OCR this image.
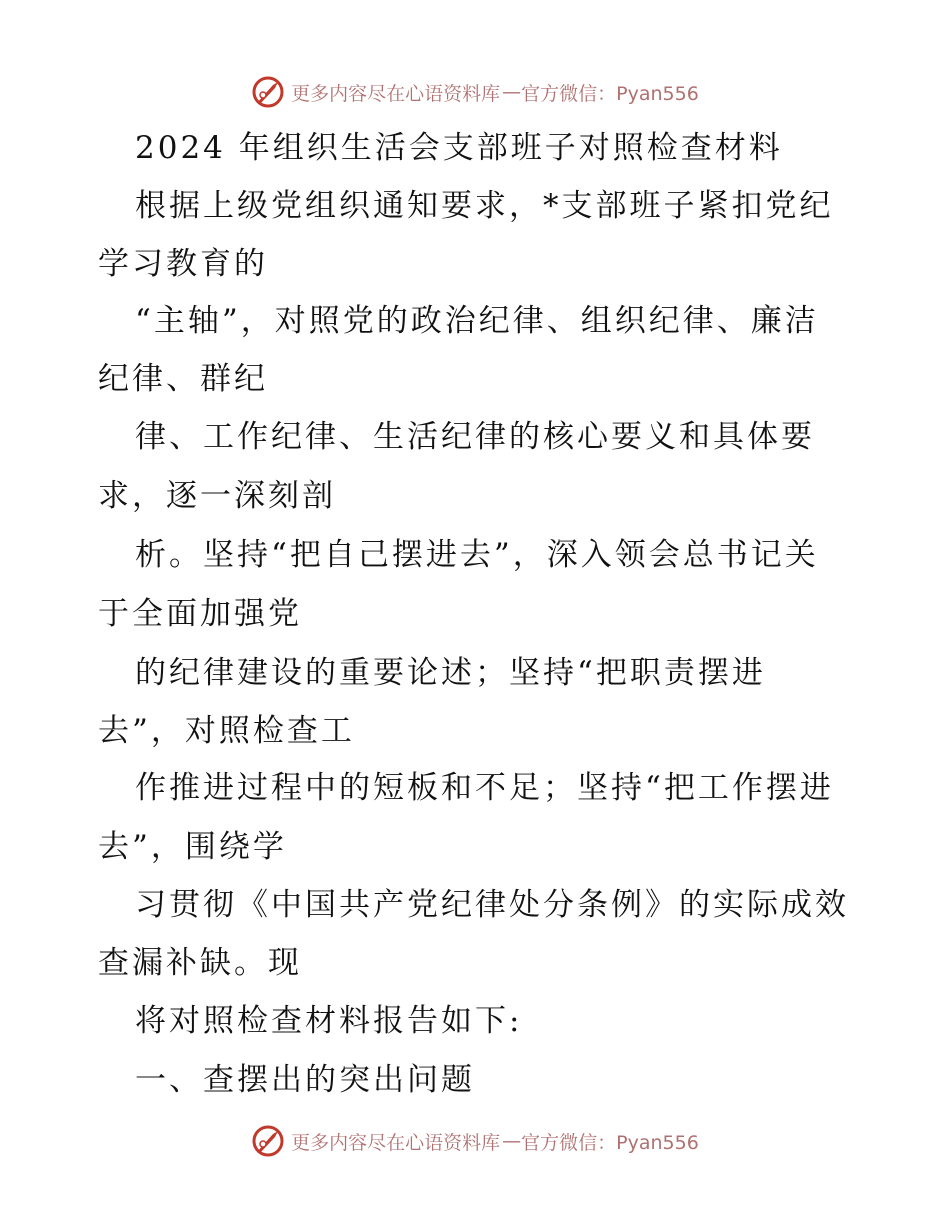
更多内容尽在心语资料库 — 官方微信：Pyan556
2024 年组织生活会支部班子对照检查材料
根据上级党组织通知要求，*支部班子紧扣党纪
学习教育的
“主轴”，对照党的政治纪律、组织纪律、廉洁
纪律、群纪
律、工作纪律、生活纪律的核心要义和具体要
求，逐一深刻剖
析。坚持“把自己摆进去”，深入领会总书记关
于全面加强党
的纪律建设的重要论述；坚持“把职责摆进
去”，对照检查工
作推进过程中的短板和不足；坚持“把工作摆进
去”，围绕学
习贯彻《中国共产党纪律处分条例》的实际成效
查漏补缺。现
将对照检查材料报告如下:
一、查摆出的突出问题
更多内容尽在心语资料库 — 官方微信：Pyan556
